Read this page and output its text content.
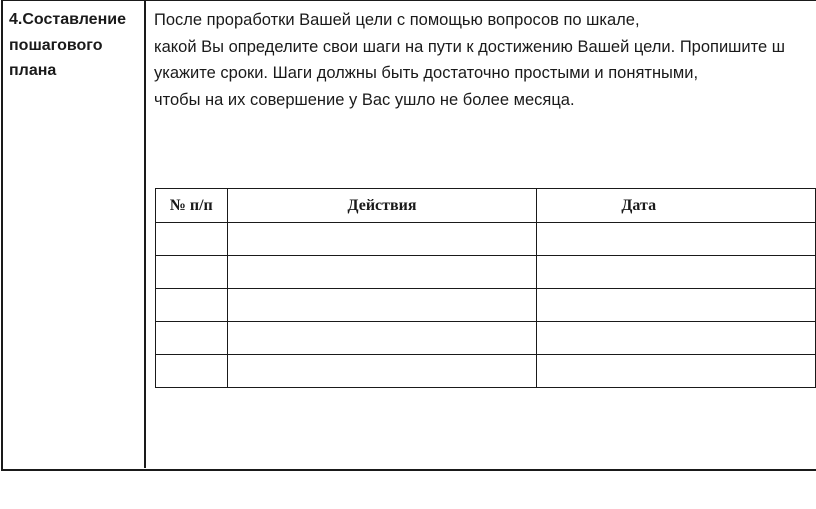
4.Составление
пошагового
плана
После проработки Вашей цели с помощью вопросов по шкале,
какой Вы определите свои шаги на пути к достижению Вашей цели. Пропишите ш
укажите сроки. Шаги должны быть достаточно простыми и понятными,
чтобы на их совершение у Вас ушло не более месяца.
№ п/п	Действия	Дата
